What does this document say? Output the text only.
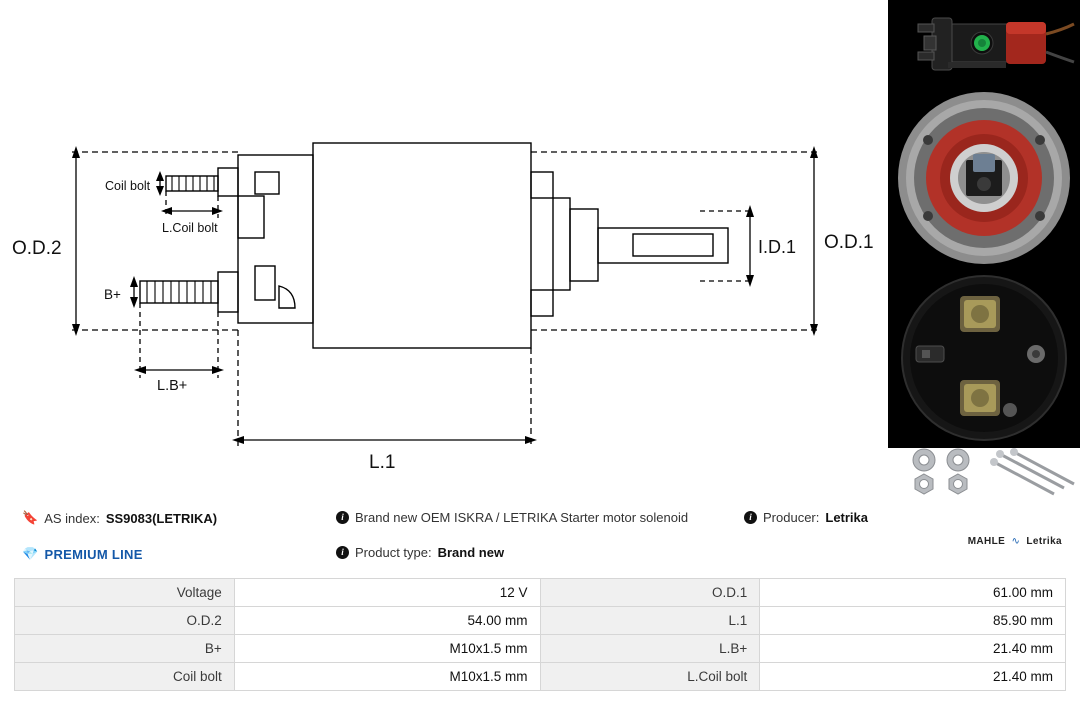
O.D.2	O.D.1
I.D.1
Coil bolt
L.Coil bolt
B+
L.B+
L.1
🔖 AS index: SS9083(LETRIKA)
💎 PREMIUM LINE
i Brand new OEM ISKRA / LETRIKA Starter motor solenoid
i Product type: Brand new
i Producer: Letrika
MAHLE ∿ Letrika
Voltage	12 V	O.D.1	61.00 mm
O.D.2	54.00 mm	L.1	85.90 mm
B+	M10x1.5 mm	L.B+	21.40 mm
Coil bolt	M10x1.5 mm	L.Coil bolt	21.40 mm
